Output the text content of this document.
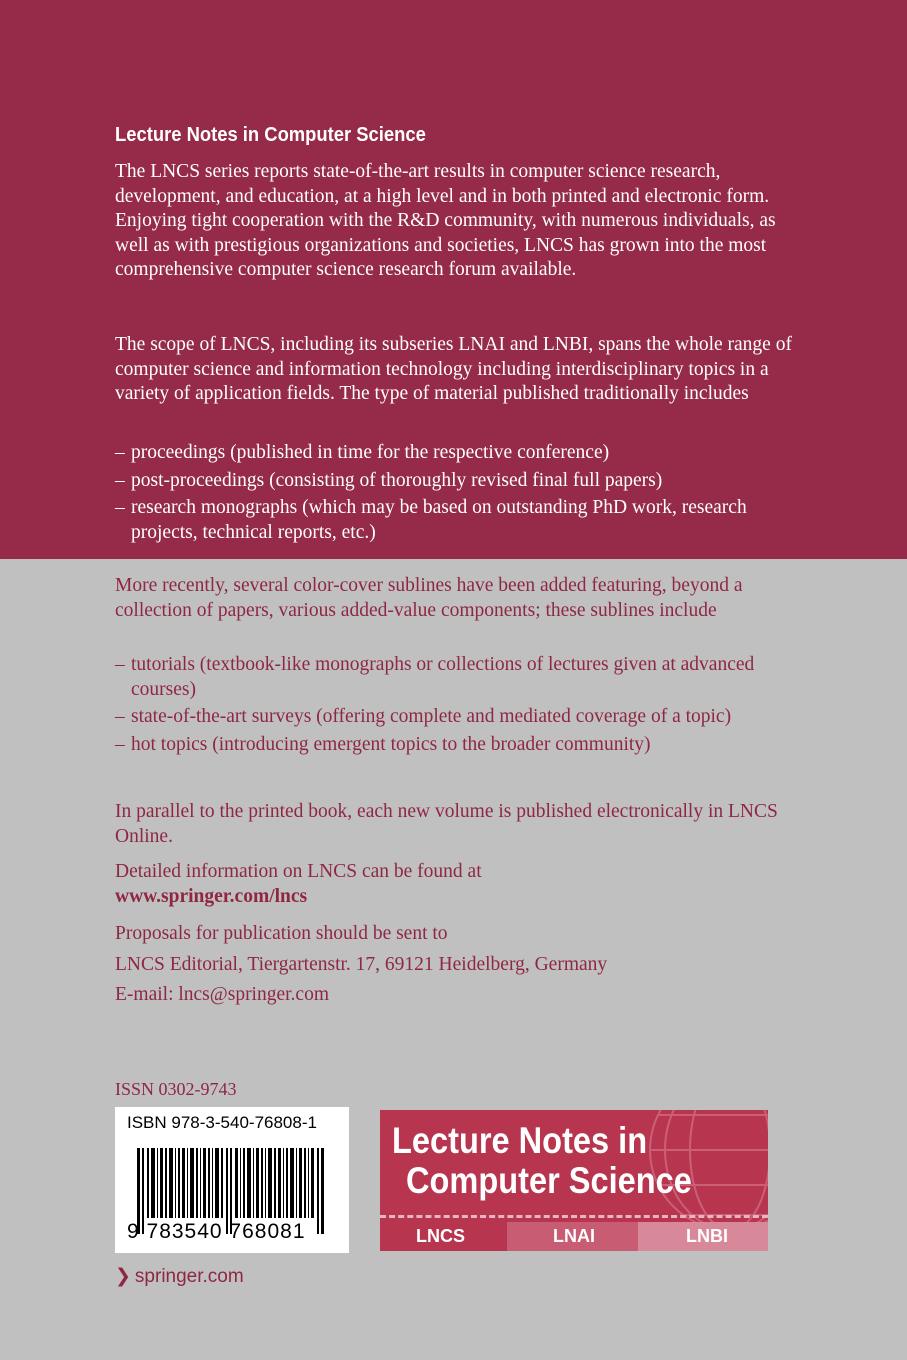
Lecture Notes in Computer Science

The LNCS series reports state-of-the-art results in computer science research, development, and education, at a high level and in both printed and electronic form. Enjoying tight cooperation with the R&D community, with numerous individuals, as well as with prestigious organizations and societies, LNCS has grown into the most comprehensive computer science research forum available.

The scope of LNCS, including its subseries LNAI and LNBI, spans the whole range of computer science and information technology including interdisciplinary topics in a variety of application fields. The type of material published traditionally includes

– proceedings (published in time for the respective conference)
– post-proceedings (consisting of thoroughly revised final full papers)
– research monographs (which may be based on outstanding PhD work, research projects, technical reports, etc.)

More recently, several color-cover sublines have been added featuring, beyond a collection of papers, various added-value components; these sublines include

– tutorials (textbook-like monographs or collections of lectures given at advanced courses)
– state-of-the-art surveys (offering complete and mediated coverage of a topic)
– hot topics (introducing emergent topics to the broader community)

In parallel to the printed book, each new volume is published electronically in LNCS Online.

Detailed information on LNCS can be found at

www.springer.com/lncs

Proposals for publication should be sent to

LNCS Editorial, Tiergartenstr. 17, 69121 Heidelberg, Germany

E-mail: lncs@springer.com

ISSN 0302-9743

ISBN 978-3-540-76808-1
9 783540 768081
Lecture Notes in
Computer Science
LNCS	LNAI	LNBI
❯ springer.com
